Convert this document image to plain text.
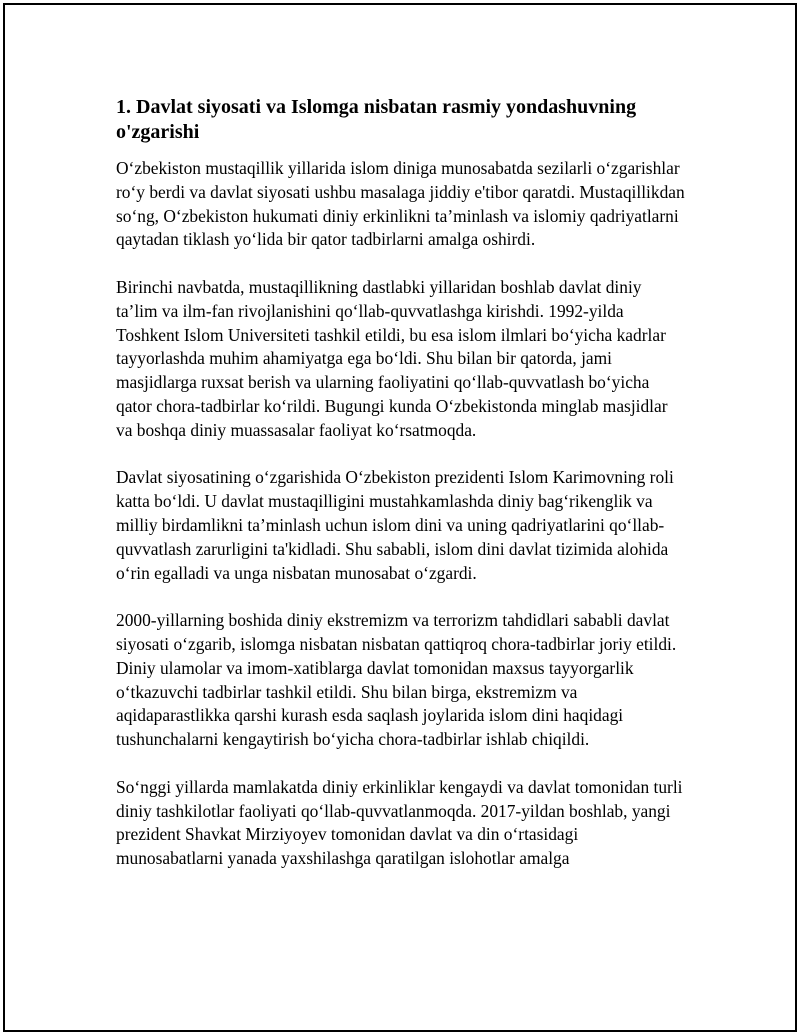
1. Davlat siyosati va Islomga nisbatan rasmiy yondashuvning o'zgarishi

O‘zbekiston mustaqillik yillarida islom diniga munosabatda sezilarli o‘zgarishlar ro‘y berdi va davlat siyosati ushbu masalaga jiddiy e'tibor qaratdi. Mustaqillikdan so‘ng, O‘zbekiston hukumati diniy erkinlikni ta’minlash va islomiy qadriyatlarni qaytadan tiklash yo‘lida bir qator tadbirlarni amalga oshirdi.

Birinchi navbatda, mustaqillikning dastlabki yillaridan boshlab davlat diniy ta’lim va ilm-fan rivojlanishini qo‘llab-quvvatlashga kirishdi. 1992-yilda Toshkent Islom Universiteti tashkil etildi, bu esa islom ilmlari bo‘yicha kadrlar tayyorlashda muhim ahamiyatga ega bo‘ldi. Shu bilan bir qatorda, jami masjidlarga ruxsat berish va ularning faoliyatini qo‘llab-quvvatlash bo‘yicha qator chora-tadbirlar ko‘rildi. Bugungi kunda O‘zbekistonda minglab masjidlar va boshqa diniy muassasalar faoliyat ko‘rsatmoqda.

Davlat siyosatining o‘zgarishida O‘zbekiston prezidenti Islom Karimovning roli katta bo‘ldi. U davlat mustaqilligini mustahkamlashda diniy bag‘rikenglik va milliy birdamlikni ta’minlash uchun islom dini va uning qadriyatlarini qo‘llab-quvvatlash zarurligini ta'kidladi. Shu sababli, islom dini davlat tizimida alohida o‘rin egalladi va unga nisbatan munosabat o‘zgardi.

2000-yillarning boshida diniy ekstremizm va terrorizm tahdidlari sababli davlat siyosati o‘zgarib, islomga nisbatan nisbatan qattiqroq chora-tadbirlar joriy etildi. Diniy ulamolar va imom-xatiblarga davlat tomonidan maxsus tayyorgarlik o‘tkazuvchi tadbirlar tashkil etildi. Shu bilan birga, ekstremizm va aqidaparastlikka qarshi kurash esda saqlash joylarida islom dini haqidagi tushunchalarni kengaytirish bo‘yicha chora-tadbirlar ishlab chiqildi.

So‘nggi yillarda mamlakatda diniy erkinliklar kengaydi va davlat tomonidan turli diniy tashkilotlar faoliyati qo‘llab-quvvatlanmoqda. 2017-yildan boshlab, yangi prezident Shavkat Mirziyoyev tomonidan davlat va din o‘rtasidagi munosabatlarni yanada yaxshilashga qaratilgan islohotlar amalga
